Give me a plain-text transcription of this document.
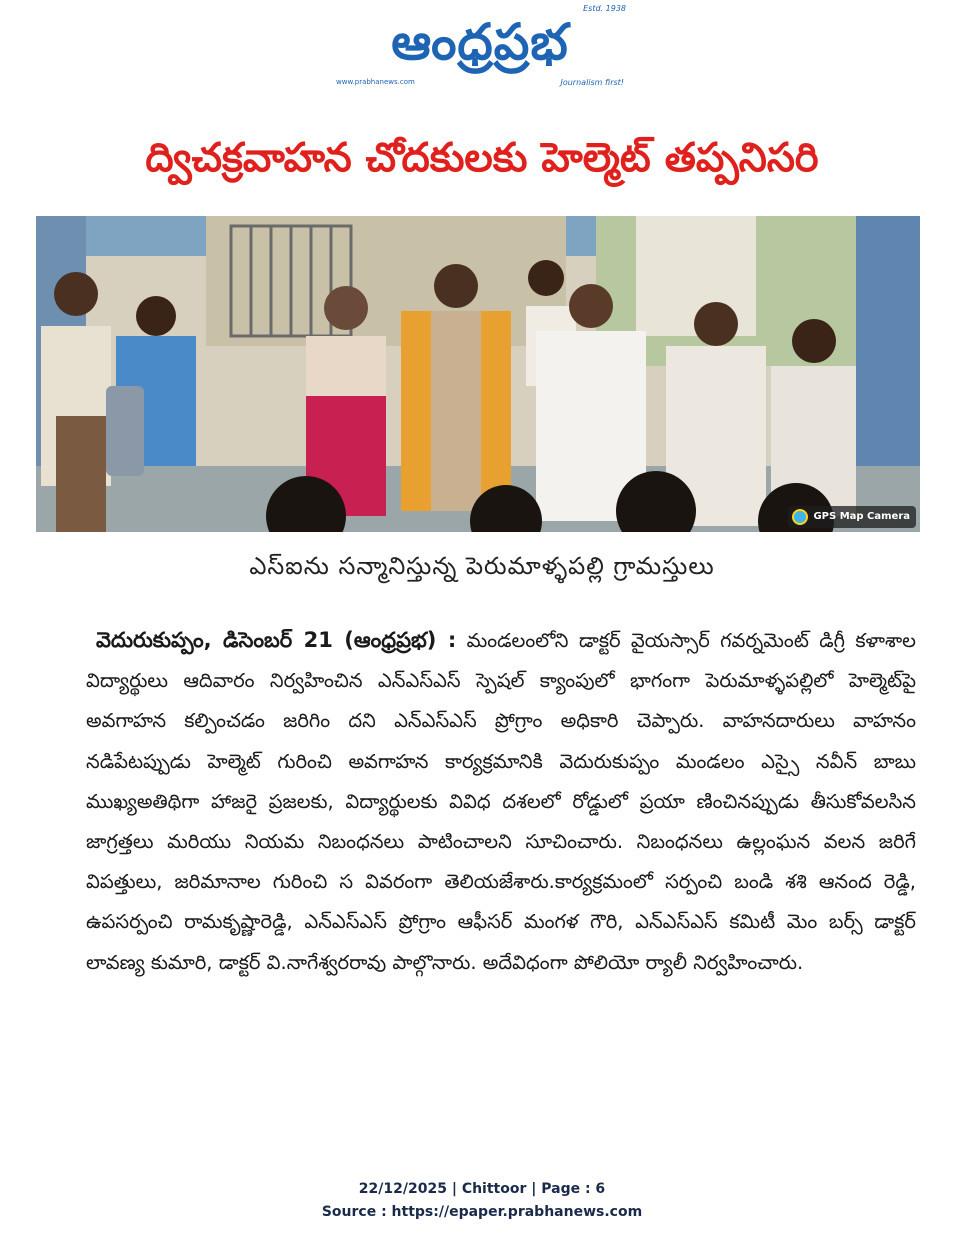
Estd. 1938
ఆంధ్రప్రభ
www.prabhanews.com	Journalism first!
ద్విచక్రవాహన చోదకులకు హెల్మెట్ తప్పనిసరి
GPS Map Camera
ఎస్ఐను సన్మానిస్తున్న పెరుమాళ్ళపల్లి గ్రామస్తులు
వెదురుకుప్పం, డిసెంబర్ 21 (ఆంధ్రప్రభ) : మండలంలోని డాక్టర్ వైయస్సార్ గవర్నమెంట్ డిగ్రీ కళాశాల విద్యార్థులు ఆదివారం నిర్వహించిన ఎన్ఎస్ఎస్ స్పెషల్ క్యాంపులో భాగంగా పెరుమాళ్ళపల్లిలో హెల్మెట్‌పై అవగాహన కల్పించడం జరిగిం దని ఎన్ఎస్ఎస్ ప్రోగ్రాం అధికారి చెప్పారు. వాహనదారులు వాహనం నడిపేటప్పుడు హెల్మెట్ గురించి అవగాహన కార్యక్రమానికి వెదురుకుప్పం మండలం ఎస్సై నవీన్ బాబు ముఖ్యఅతిథిగా హాజరై ప్రజలకు, విద్యార్థులకు వివిధ దశలలో రోడ్డులో ప్రయా ణించినప్పుడు తీసుకోవలసిన జాగ్రత్తలు మరియు నియమ నిబంధనలు పాటించాలని సూచించారు. నిబంధనలు ఉల్లంఘన వలన జరిగే విపత్తులు, జరిమానాల గురించి స వివరంగా తెలియజేశారు.కార్యక్రమంలో సర్పంచి బండి శశి ఆనంద రెడ్డి, ఉపసర్పంచి రామకృష్ణారెడ్డి, ఎన్ఎస్ఎస్ ప్రోగ్రాం ఆఫీసర్ మంగళ గౌరి, ఎన్ఎస్ఎస్ కమిటీ మెం బర్స్ డాక్టర్ లావణ్య కుమారి, డాక్టర్ వి.నాగేశ్వరరావు పాల్గొనారు. అదేవిధంగా పోలియో ర్యాలీ నిర్వహించారు.
22/12/2025 | Chittoor | Page : 6
Source : https://epaper.prabhanews.com
